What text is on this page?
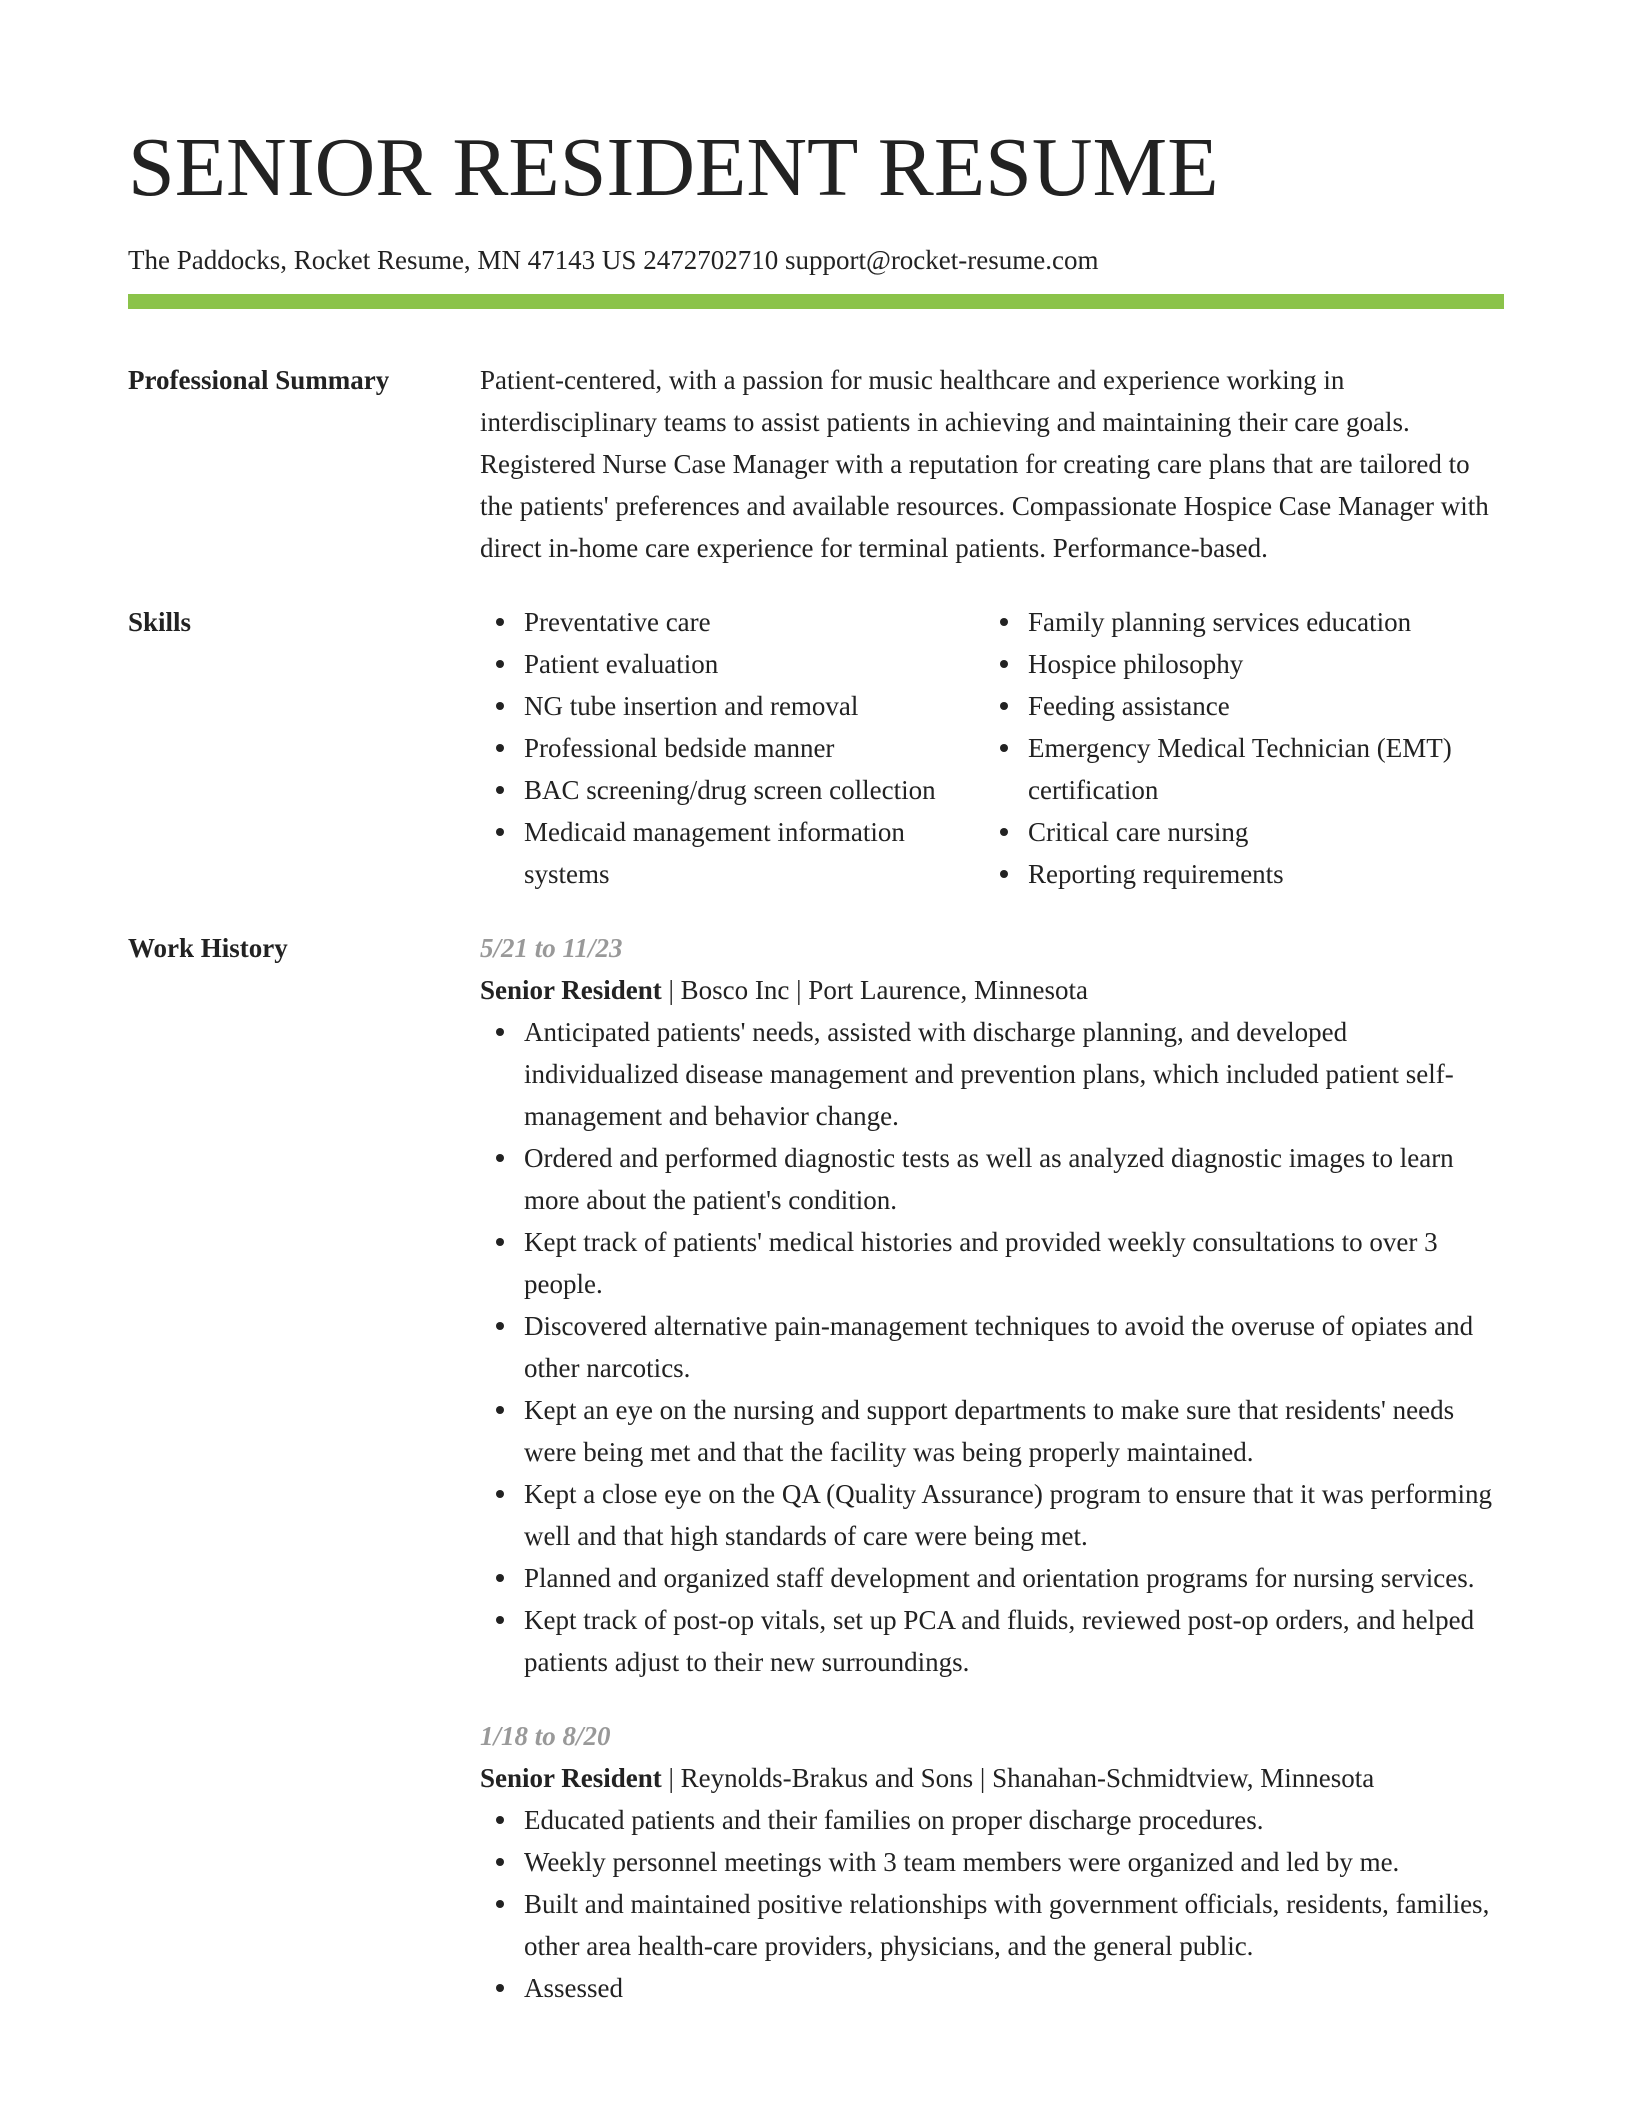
SENIOR RESIDENT RESUME
The Paddocks, Rocket Resume, MN 47143 US 2472702710 support@rocket-resume.com
Professional Summary	Patient-centered, with a passion for music healthcare and experience working in interdisciplinary teams to assist patients in achieving and maintaining their care goals. Registered Nurse Case Manager with a reputation for creating care plans that are tailored to the patients' preferences and available resources. Compassionate Hospice Case Manager with direct in-home care experience for terminal patients. Performance-based.
Skills	Preventative care
Patient evaluation
NG tube insertion and removal
Professional bedside manner
BAC screening/drug screen collection
Medicaid management information systems
Family planning services education
Hospice philosophy
Feeding assistance
Emergency Medical Technician (EMT) certification
Critical care nursing
Reporting requirements
Work History	5/21 to 11/23
Senior Resident | Bosco Inc | Port Laurence, Minnesota
Anticipated patients' needs, assisted with discharge planning, and developed individualized disease management and prevention plans, which included patient self-management and behavior change.
Ordered and performed diagnostic tests as well as analyzed diagnostic images to learn more about the patient's condition.
Kept track of patients' medical histories and provided weekly consultations to over 3 people.
Discovered alternative pain-management techniques to avoid the overuse of opiates and other narcotics.
Kept an eye on the nursing and support departments to make sure that residents' needs were being met and that the facility was being properly maintained.
Kept a close eye on the QA (Quality Assurance) program to ensure that it was performing well and that high standards of care were being met.
Planned and organized staff development and orientation programs for nursing services.
Kept track of post-op vitals, set up PCA and fluids, reviewed post-op orders, and helped patients adjust to their new surroundings.
1/18 to 8/20
Senior Resident | Reynolds-Brakus and Sons | Shanahan-Schmidtview, Minnesota
Educated patients and their families on proper discharge procedures.
Weekly personnel meetings with 3 team members were organized and led by me.
Built and maintained positive relationships with government officials, residents, families, other area health-care providers, physicians, and the general public.
Assessed
